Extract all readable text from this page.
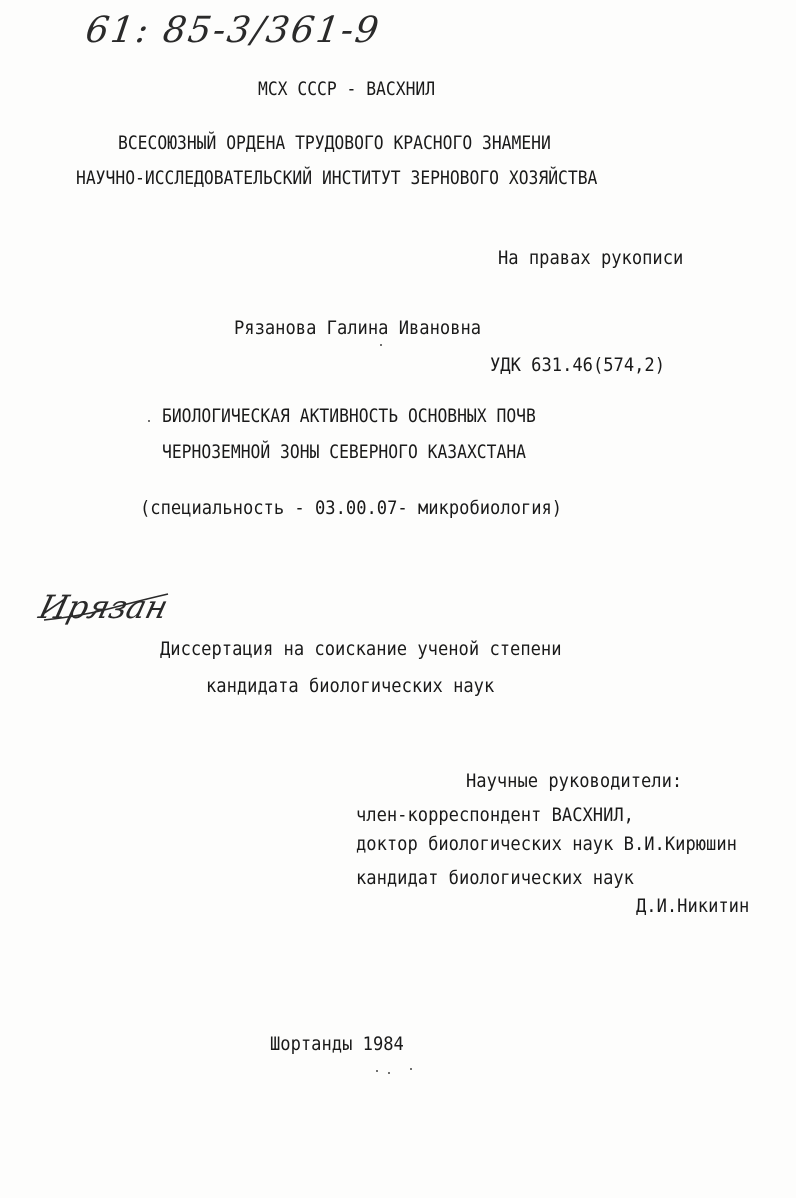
61: 85-3/361-9
МСХ СССР - ВАСХНИЛ
ВСЕСОЮЗНЫЙ ОРДЕНА ТРУДОВОГО КРАСНОГО ЗНАМЕНИ
НАУЧНО-ИССЛЕДОВАТЕЛЬСКИЙ ИНСТИТУТ ЗЕРНОВОГО ХОЗЯЙСТВА
На правах рукописи
Рязанова Галина Ивановна
УДК 631.46(574,2)
БИОЛОГИЧЕСКАЯ АКТИВНОСТЬ ОСНОВНЫХ ПОЧВ
ЧЕРНОЗЕМНОЙ ЗОНЫ СЕВЕРНОГО КАЗАХСТАНА
(специальность - 03.00.07- микробиология)
Ирязан
Диссертация на соискание ученой степени
кандидата биологических наук
Научные руководители:
член-корреспондент ВАСХНИЛ,
доктор биологических наук В.И.Кирюшин
кандидат биологических наук
Д.И.Никитин
Шортанды 1984
